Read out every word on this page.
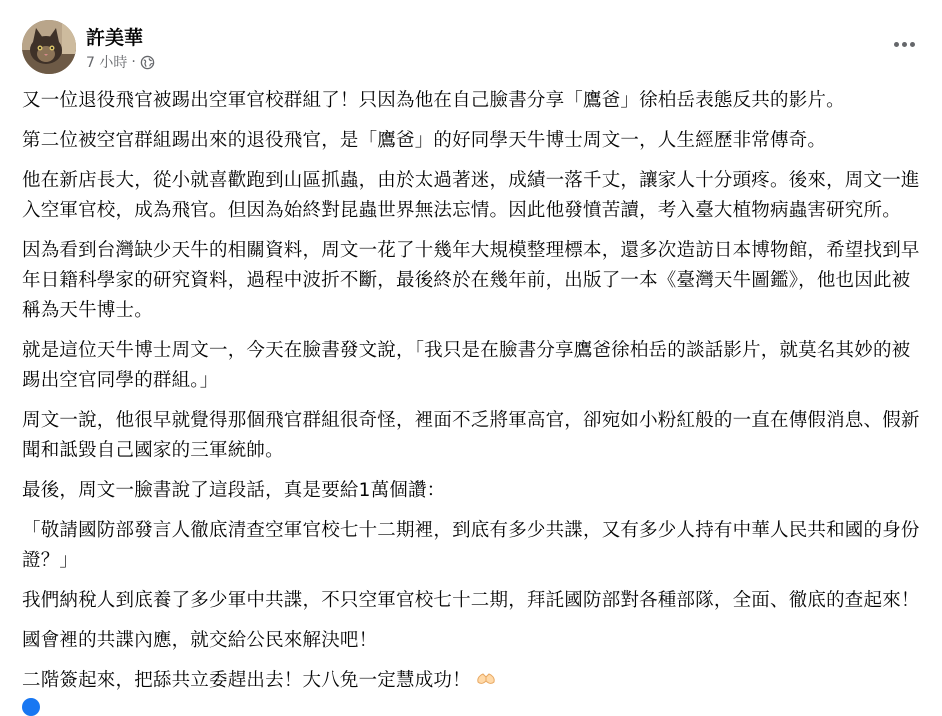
許美華
7 小時 ·

又一位退役飛官被踢出空軍官校群組了！只因為他在自己臉書分享「鷹爸」徐柏岳表態反共的影片。

第二位被空官群組踢出來的退役飛官，是「鷹爸」的好同學天牛博士周文一，人生經歷非常傳奇。

他在新店長大，從小就喜歡跑到山區抓蟲，由於太過著迷，成績一落千丈，讓家人十分頭疼。後來，周文一進入空軍官校，成為飛官。但因為始終對昆蟲世界無法忘情。因此他發憤苦讀，考入臺大植物病蟲害研究所。

因為看到台灣缺少天牛的相關資料，周文一花了十幾年大規模整理標本，還多次造訪日本博物館，希望找到早年日籍科學家的研究資料，過程中波折不斷，最後終於在幾年前，出版了一本《臺灣天牛圖鑑》，他也因此被稱為天牛博士。

就是這位天牛博士周文一，今天在臉書發文說，「我只是在臉書分享鷹爸徐柏岳的談話影片，就莫名其妙的被踢出空官同學的群組。」

周文一說，他很早就覺得那個飛官群組很奇怪，裡面不乏將軍高官，卻宛如小粉紅般的一直在傳假消息、假新聞和詆毀自己國家的三軍統帥。

最後，周文一臉書說了這段話，真是要給1萬個讚：

「敬請國防部發言人徹底清查空軍官校七十二期裡，到底有多少共諜，又有多少人持有中華人民共和國的身份證？」

我們納稅人到底養了多少軍中共諜，不只空軍官校七十二期，拜託國防部對各種部隊，全面、徹底的查起來！

國會裡的共諜內應，就交給公民來解決吧！

二階簽起來，把舔共立委趕出去！大八免一定慧成功！
